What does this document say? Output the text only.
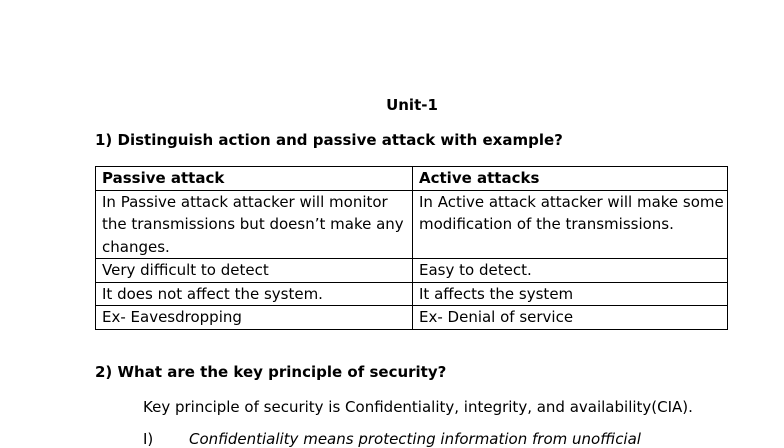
Unit-1
1) Distinguish action and passive attack with example?
Passive attack	Active attacks
In Passive attack attacker will monitor the transmissions but doesn’t make any changes.	In Active attack attacker will make some modification of the transmissions.
Very difficult to detect	Easy to detect.
It does not affect the system.	It affects the system
Ex- Eavesdropping	Ex- Denial of service
2) What are the key principle of security?
Key principle of security is Confidentiality, integrity, and availability(CIA).
I) Confidentiality means protecting information from unofficial
